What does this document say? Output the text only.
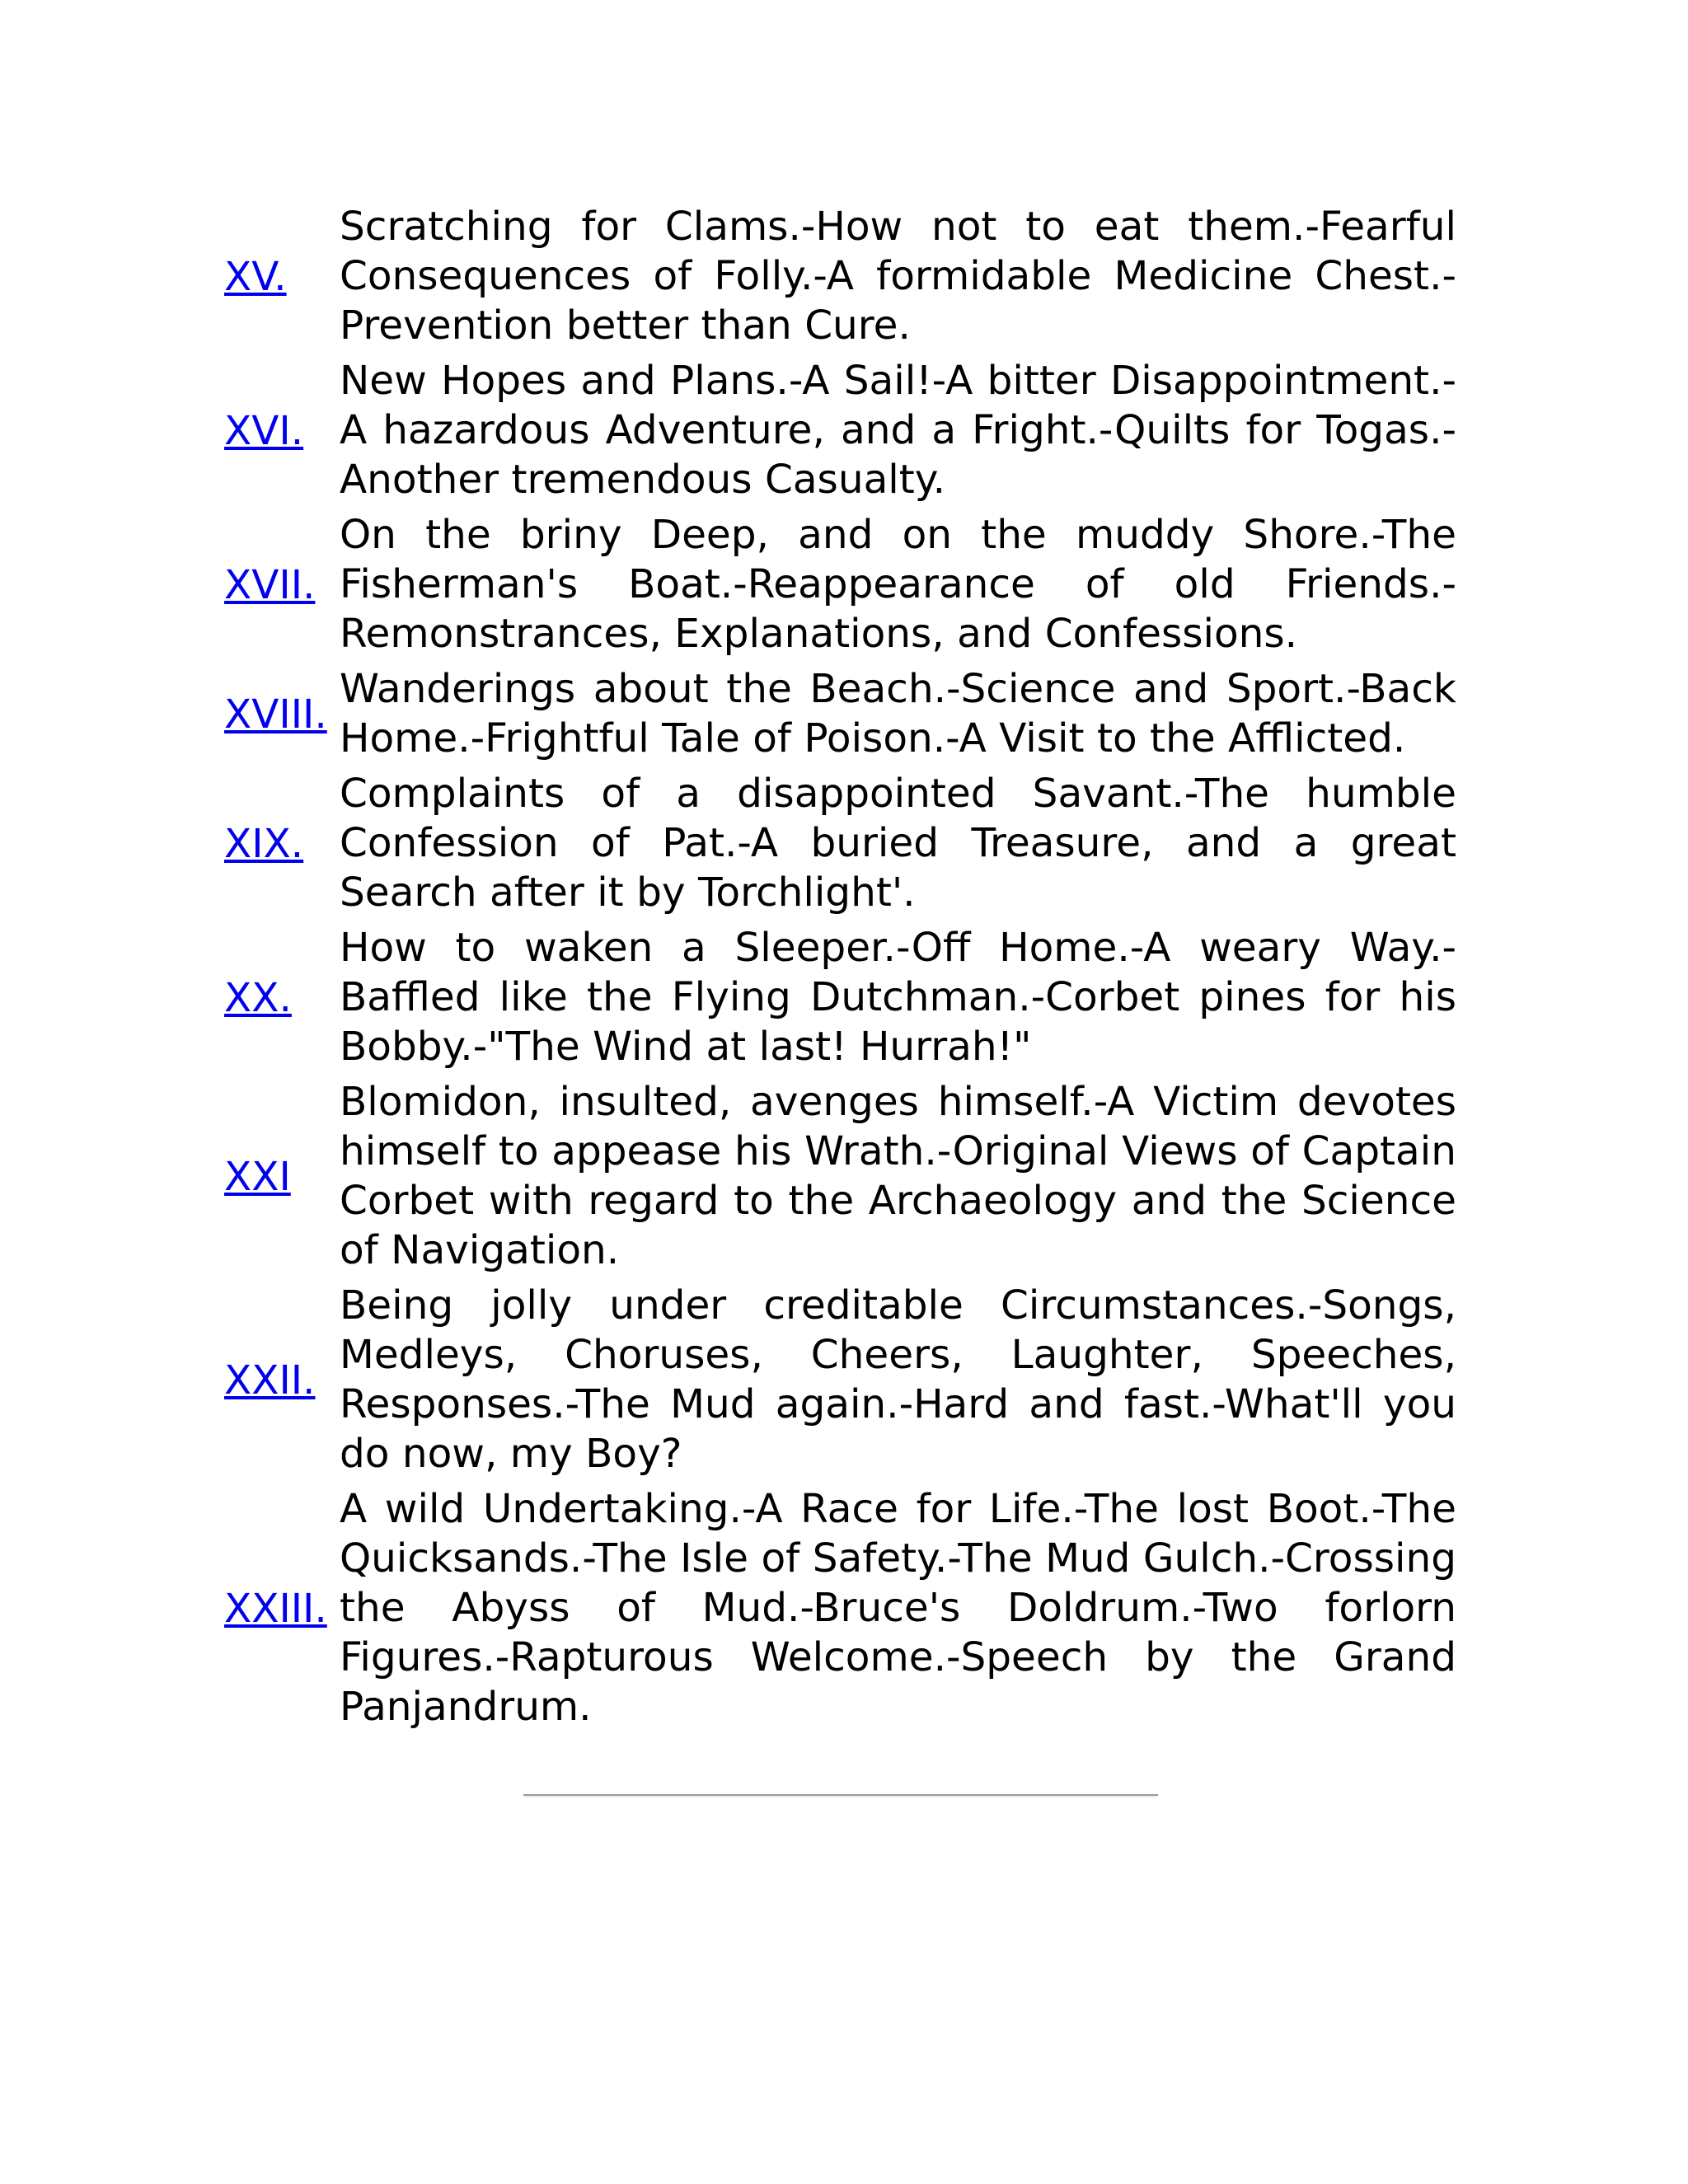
XV.	Scratching for Clams.-How not to eat them.-Fearful Consequences of Folly.-A formidable Medicine Chest.-Prevention better than Cure.
XVI.	New Hopes and Plans.-A Sail!-A bitter Disappointment.-A hazardous Adventure, and a Fright.-Quilts for Togas.-Another tremendous Casualty.
XVII.	On the briny Deep, and on the muddy Shore.-The Fisherman's Boat.-Reappearance of old Friends.-Remonstrances, Explanations, and Confessions.
XVIII.	Wanderings about the Beach.-Science and Sport.-Back Home.-Frightful Tale of Poison.-A Visit to the Afflicted.
XIX.	Complaints of a disappointed Savant.-The humble Confession of Pat.-A buried Treasure, and a great Search after it by Torchlight'.
XX.	How to waken a Sleeper.-Off Home.-A weary Way.-Baffled like the Flying Dutchman.-Corbet pines for his Bobby.-"The Wind at last! Hurrah!"
XXI	Blomidon, insulted, avenges himself.-A Victim devotes himself to appease his Wrath.-Original Views of Captain Corbet with regard to the Archaeology and the Science of Navigation.
XXII.	Being jolly under creditable Circumstances.-Songs, Medleys, Choruses, Cheers, Laughter, Speeches, Responses.-The Mud again.-Hard and fast.-What'll you do now, my Boy?
XXIII.	A wild Undertaking.-A Race for Life.-The lost Boot.-The Quicksands.-The Isle of Safety.-The Mud Gulch.-Crossing the Abyss of Mud.-Bruce's Doldrum.-Two forlorn Figures.-Rapturous Welcome.-Speech by the Grand Panjandrum.
